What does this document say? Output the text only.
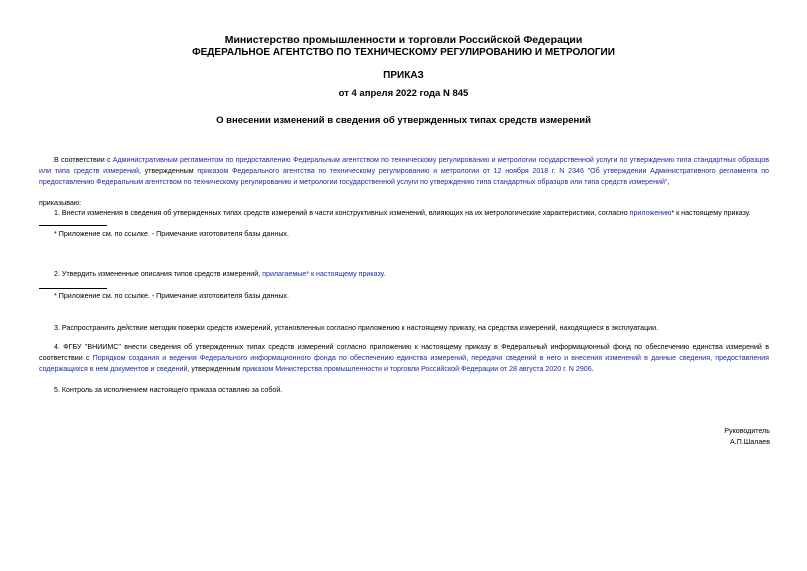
Министерство промышленности и торговли Российской Федерации
ФЕДЕРАЛЬНОЕ АГЕНТСТВО ПО ТЕХНИЧЕСКОМУ РЕГУЛИРОВАНИЮ И МЕТРОЛОГИИ
ПРИКАЗ
от 4 апреля 2022 года N 845
О внесении изменений в сведения об утвержденных типах средств измерений
В соответствии с Административным регламентом по предоставлению Федеральным агентством по техническому регулированию и метрологии государственной услуги по утверждению типа стандартных образцов или типа средств измерений, утвержденным приказом Федерального агентства по техническому регулированию и метрологии от 12 ноября 2018 г. N 2346 "Об утверждении Административного регламента по предоставлению Федеральным агентством по техническому регулированию и метрологии государственной услуги по утверждению типа стандартных образцов или типа средств измерений",
приказываю:
1. Внести изменения в сведения об утвержденных типах средств измерений в части конструктивных изменений, влияющих на их метрологические характеристики, согласно приложению* к настоящему приказу.
* Приложение см. по ссылке. - Примечание изготовителя базы данных.
2. Утвердить измененные описания типов средств измерений, прилагаемые* к настоящему приказу.
* Приложение см. по ссылке. - Примечание изготовителя базы данных.
3. Распространить действие методик поверки средств измерений, установленных согласно приложению к настоящему приказу, на средства измерений, находящиеся в эксплуатации.
4. ФГБУ "ВНИИМС" внести сведения об утвержденных типах средств измерений согласно приложению к настоящему приказу в Федеральный информационный фонд по обеспечению единства измерений в соответствии с Порядком создания и ведения Федерального информационного фонда по обеспечению единства измерений, передачи сведений в него и внесения изменений в данные сведения, предоставления содержащихся в нем документов и сведений, утвержденным приказом Министерства промышленности и торговли Российской Федерации от 28 августа 2020 г. N 2906.
5. Контроль за исполнением настоящего приказа оставляю за собой.
Руководитель
А.П.Шалаев
